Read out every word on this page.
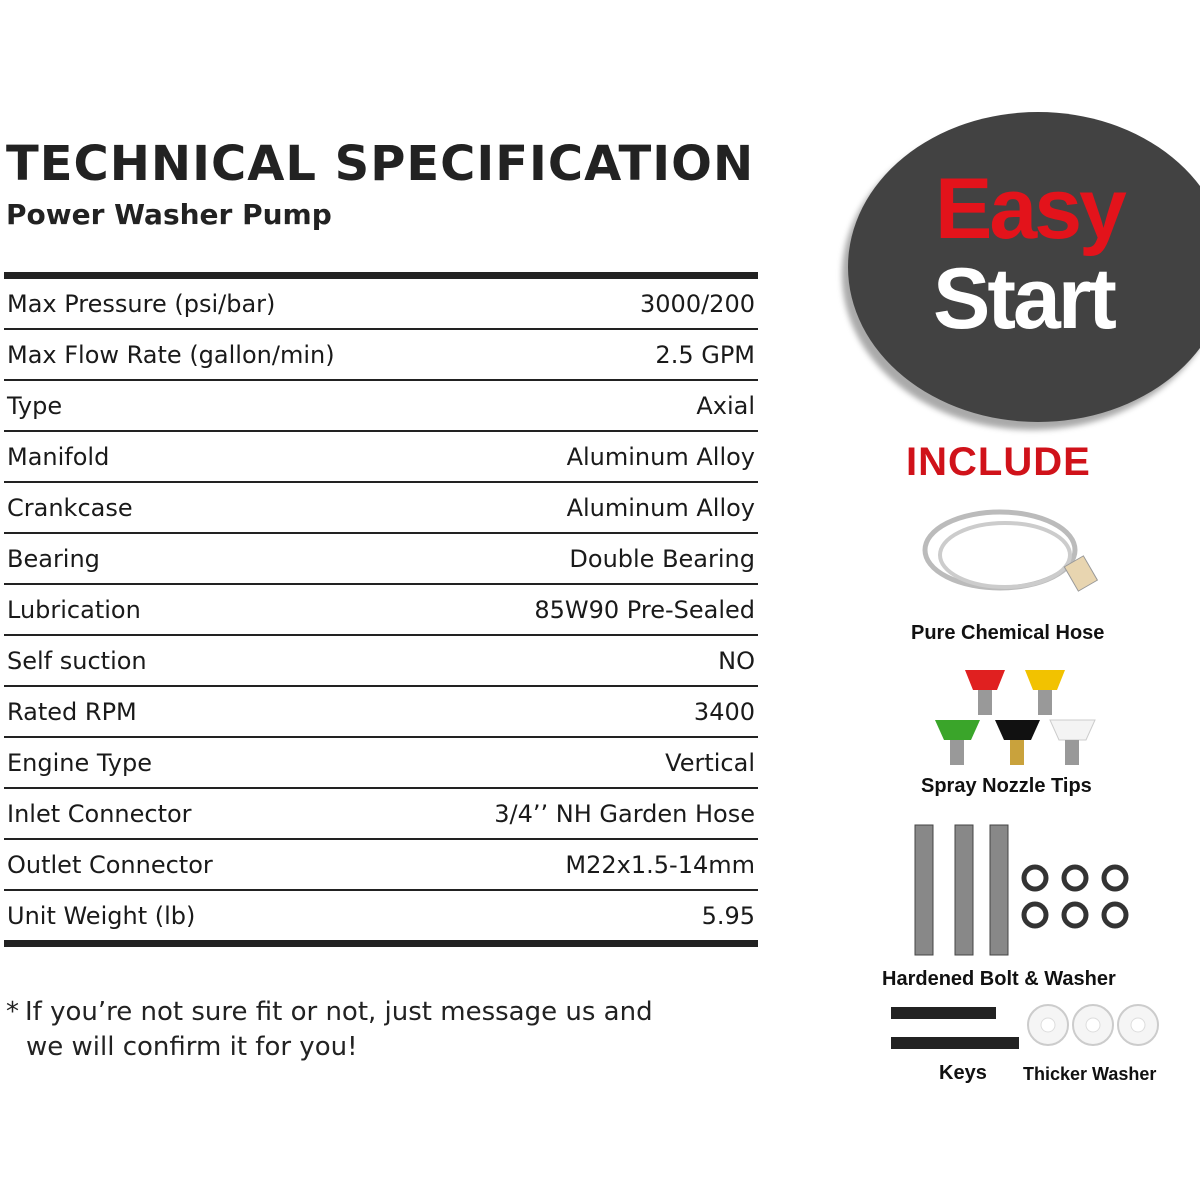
TECHNICAL SPECIFICATION
Power Washer Pump
Max Pressure (psi/bar)	3000/200
Max Flow Rate (gallon/min)	2.5 GPM
Type	Axial
Manifold	Aluminum Alloy
Crankcase	Aluminum Alloy
Bearing	Double Bearing
Lubrication	85W90 Pre-Sealed
Self suction	NO
Rated RPM	3400
Engine Type	Vertical
Inlet Connector	3/4’’ NH Garden Hose
Outlet Connector	M22x1.5-14mm
Unit Weight (lb)	5.95
* If you’re not sure fit or not, just message us and
we will confirm it for you!
Easy
Start
INCLUDE
Pure Chemical Hose
Spray Nozzle Tips
Hardened Bolt & Washer
Keys Thicker Washer
